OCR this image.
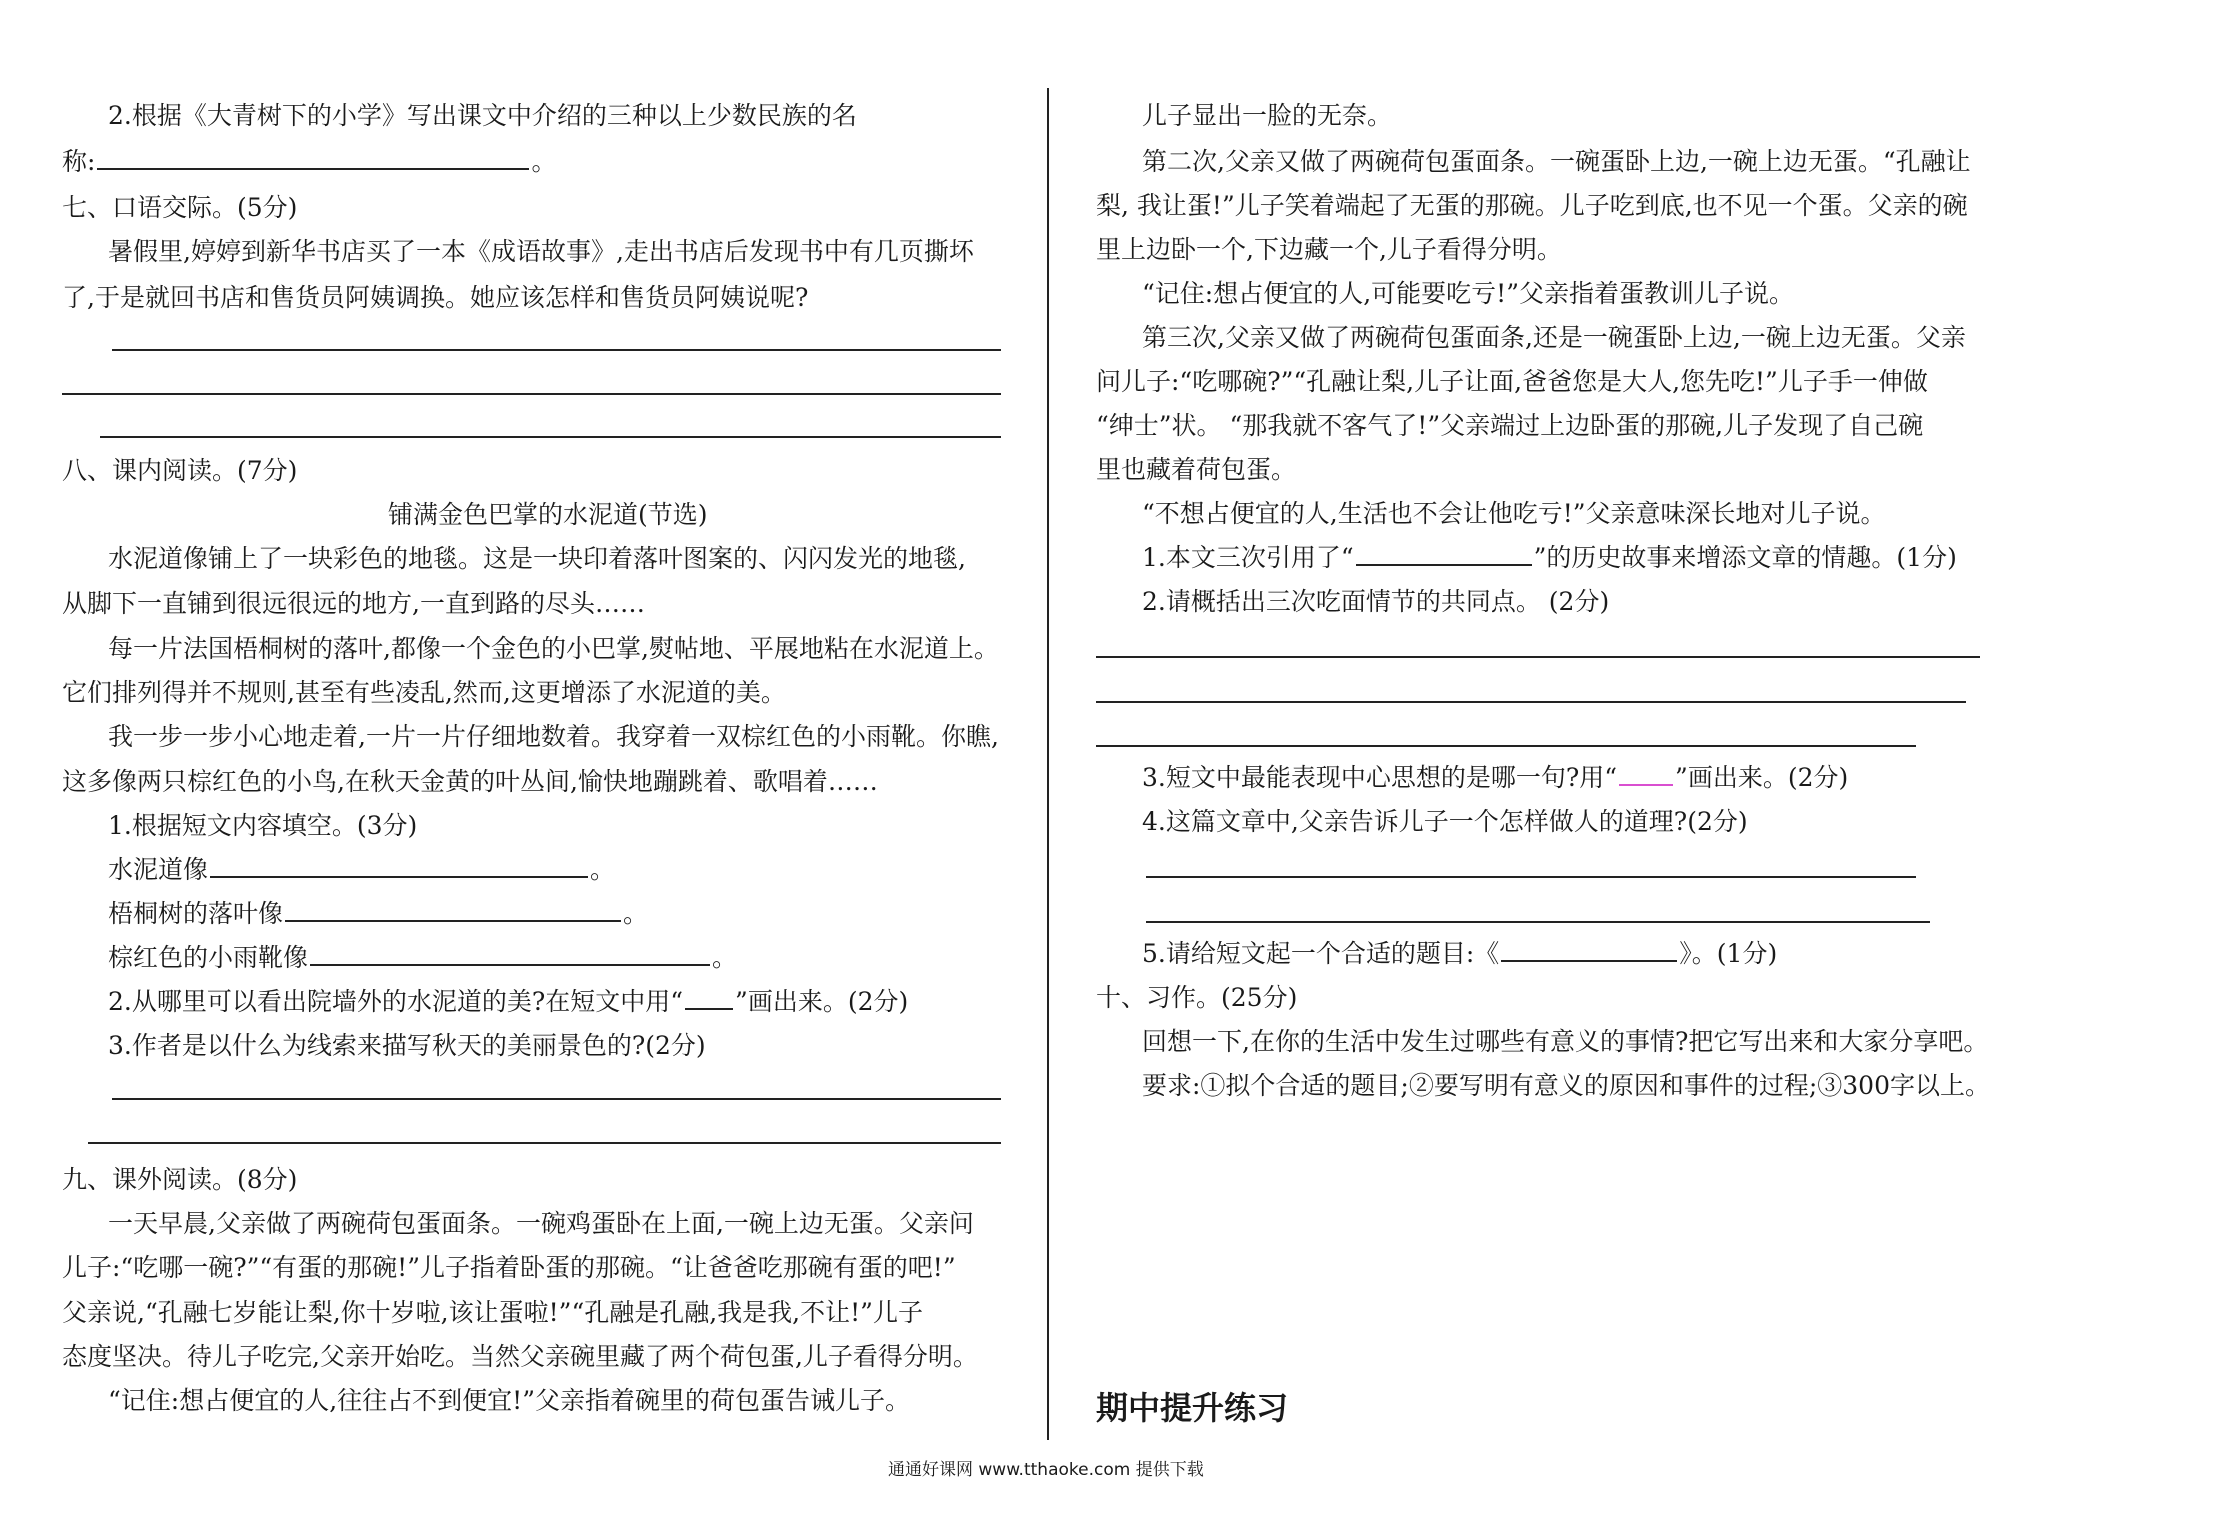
2.根据《大青树下的小学》写出课文中介绍的三种以上少数民族的名
称:	。
七、口语交际。(5分)
暑假里,婷婷到新华书店买了一本《成语故事》,走出书店后发现书中有几页撕坏
了,于是就回书店和售货员阿姨调换。她应该怎样和售货员阿姨说呢?
八、课内阅读。(7分)
铺满金色巴掌的水泥道(节选)
水泥道像铺上了一块彩色的地毯。这是一块印着落叶图案的、闪闪发光的地毯,
从脚下一直铺到很远很远的地方,一直到路的尽头……
每一片法国梧桐树的落叶,都像一个金色的小巴掌,熨帖地、平展地粘在水泥道上。
它们排列得并不规则,甚至有些凌乱,然而,这更增添了水泥道的美。
我一步一步小心地走着,一片一片仔细地数着。我穿着一双棕红色的小雨靴。你瞧,
这多像两只棕红色的小鸟,在秋天金黄的叶丛间,愉快地蹦跳着、歌唱着……
1.根据短文内容填空。(3分)
水泥道像	。
梧桐树的落叶像	。
棕红色的小雨靴像	。
2.从哪里可以看出院墙外的水泥道的美?在短文中用“ ”画出来。(2分)
3.作者是以什么为线索来描写秋天的美丽景色的?(2分)
九、课外阅读。(8分)
一天早晨,父亲做了两碗荷包蛋面条。一碗鸡蛋卧在上面,一碗上边无蛋。父亲问
儿子:“吃哪一碗?”“有蛋的那碗!”儿子指着卧蛋的那碗。“让爸爸吃那碗有蛋的吧!”
父亲说,“孔融七岁能让梨,你十岁啦,该让蛋啦!”“孔融是孔融,我是我,不让!”儿子
态度坚决。待儿子吃完,父亲开始吃。当然父亲碗里藏了两个荷包蛋,儿子看得分明。
“记住:想占便宜的人,往往占不到便宜!”父亲指着碗里的荷包蛋告诫儿子。
儿子显出一脸的无奈。
第二次,父亲又做了两碗荷包蛋面条。一碗蛋卧上边,一碗上边无蛋。“孔融让
梨, 我让蛋!”儿子笑着端起了无蛋的那碗。儿子吃到底,也不见一个蛋。父亲的碗
里上边卧一个,下边藏一个,儿子看得分明。
“记住:想占便宜的人,可能要吃亏!”父亲指着蛋教训儿子说。
第三次,父亲又做了两碗荷包蛋面条,还是一碗蛋卧上边,一碗上边无蛋。父亲
问儿子:“吃哪碗?”“孔融让梨,儿子让面,爸爸您是大人,您先吃!”儿子手一伸做
“绅士”状。 “那我就不客气了!”父亲端过上边卧蛋的那碗,儿子发现了自己碗
里也藏着荷包蛋。
“不想占便宜的人,生活也不会让他吃亏!”父亲意味深长地对儿子说。
1.本文三次引用了“	”的历史故事来增添文章的情趣。(1分)
2.请概括出三次吃面情节的共同点。 (2分)
3.短文中最能表现中心思想的是哪一句?用“ ”画出来。(2分)
4.这篇文章中,父亲告诉儿子一个怎样做人的道理?(2分)
5.请给短文起一个合适的题目:《	》。(1分)
十、习作。(25分)
回想一下,在你的生活中发生过哪些有意义的事情?把它写出来和大家分享吧。
要求:①拟个合适的题目;②要写明有意义的原因和事件的过程;③300字以上。
期中提升练习
通通好课网 www.tthaoke.com 提供下载
